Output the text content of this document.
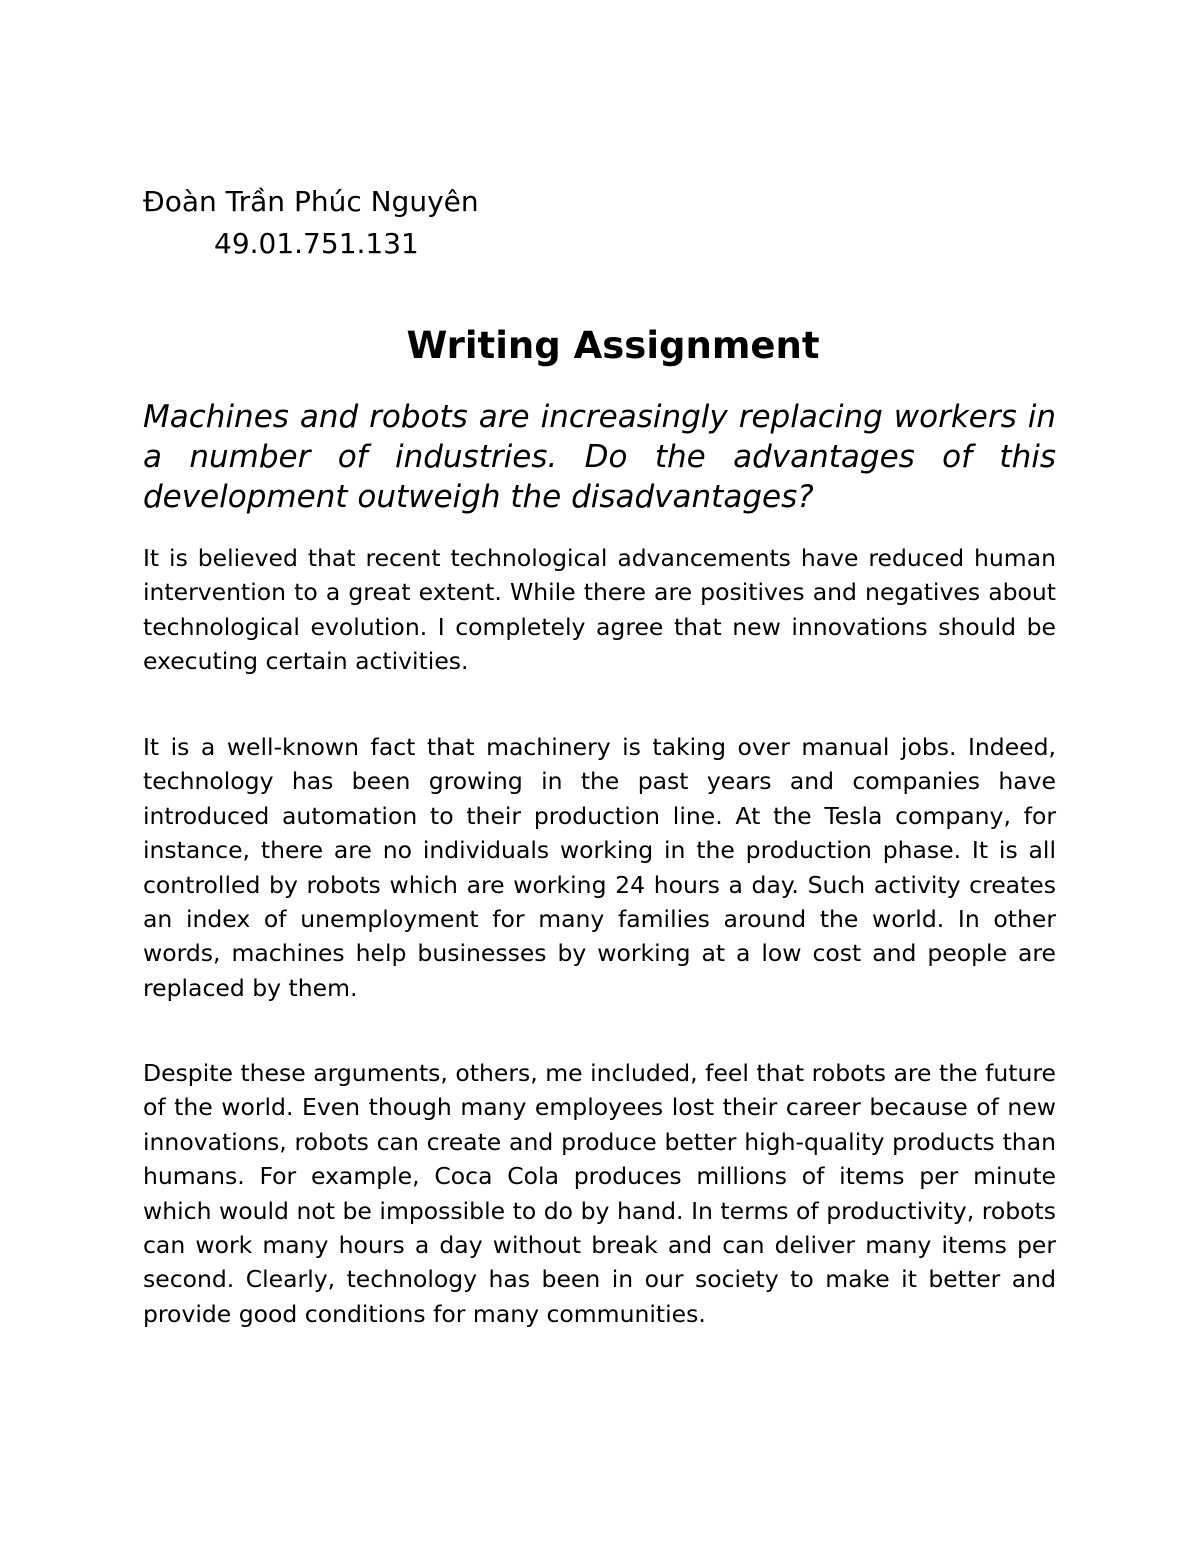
Đoàn Trần Phúc Nguyên
49.01.751.131
Writing Assignment

Machines and robots are increasingly replacing workers in a number of industries. Do the advantages of this development outweigh the disadvantages?

It is believed that recent technological advancements have reduced human intervention to a great extent. While there are positives and negatives about technological evolution. I completely agree that new innovations should be executing certain activities.

It is a well-known fact that machinery is taking over manual jobs. Indeed, technology has been growing in the past years and companies have introduced automation to their production line. At the Tesla company, for instance, there are no individuals working in the production phase. It is all controlled by robots which are working 24 hours a day. Such activity creates an index of unemployment for many families around the world. In other words, machines help businesses by working at a low cost and people are replaced by them.

Despite these arguments, others, me included, feel that robots are the future of the world. Even though many employees lost their career because of new innovations, robots can create and produce better high-quality products than humans. For example, Coca Cola produces millions of items per minute which would not be impossible to do by hand. In terms of productivity, robots can work many hours a day without break and can deliver many items per second. Clearly, technology has been in our society to make it better and provide good conditions for many communities.
